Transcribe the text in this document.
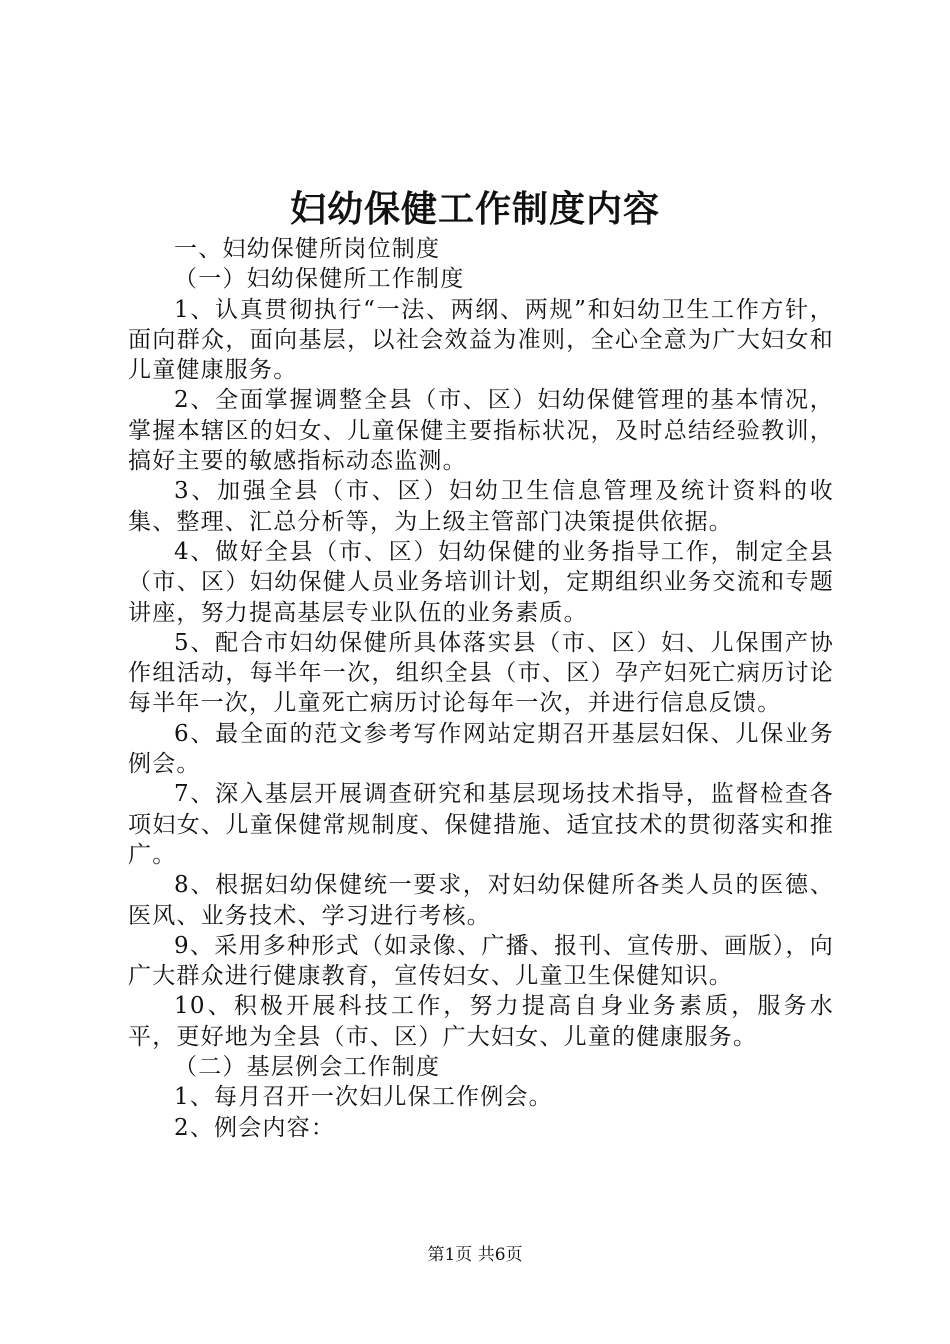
妇幼保健工作制度内容

一、妇幼保健所岗位制度

（一）妇幼保健所工作制度

1、认真贯彻执行“一法、两纲、两规”和妇幼卫生工作方针，面向群众，面向基层，以社会效益为准则，全心全意为广大妇女和儿童健康服务。

2、全面掌握调整全县（市、区）妇幼保健管理的基本情况，掌握本辖区的妇女、儿童保健主要指标状况，及时总结经验教训，搞好主要的敏感指标动态监测。

3、加强全县（市、区）妇幼卫生信息管理及统计资料的收集、整理、汇总分析等，为上级主管部门决策提供依据。

4、做好全县（市、区）妇幼保健的业务指导工作，制定全县（市、区）妇幼保健人员业务培训计划，定期组织业务交流和专题讲座，努力提高基层专业队伍的业务素质。

5、配合市妇幼保健所具体落实县（市、区）妇、儿保围产协作组活动，每半年一次，组织全县（市、区）孕产妇死亡病历讨论每半年一次，儿童死亡病历讨论每年一次，并进行信息反馈。

6、最全面的范文参考写作网站定期召开基层妇保、儿保业务例会。

7、深入基层开展调查研究和基层现场技术指导，监督检查各项妇女、儿童保健常规制度、保健措施、适宜技术的贯彻落实和推广。

8、根据妇幼保健统一要求，对妇幼保健所各类人员的医德、医风、业务技术、学习进行考核。

9、采用多种形式（如录像、广播、报刊、宣传册、画版），向广大群众进行健康教育，宣传妇女、儿童卫生保健知识。

10、积极开展科技工作，努力提高自身业务素质，服务水平，更好地为全县（市、区）广大妇女、儿童的健康服务。

（二）基层例会工作制度

1、每月召开一次妇儿保工作例会。

2、例会内容：

第1页 共6页
